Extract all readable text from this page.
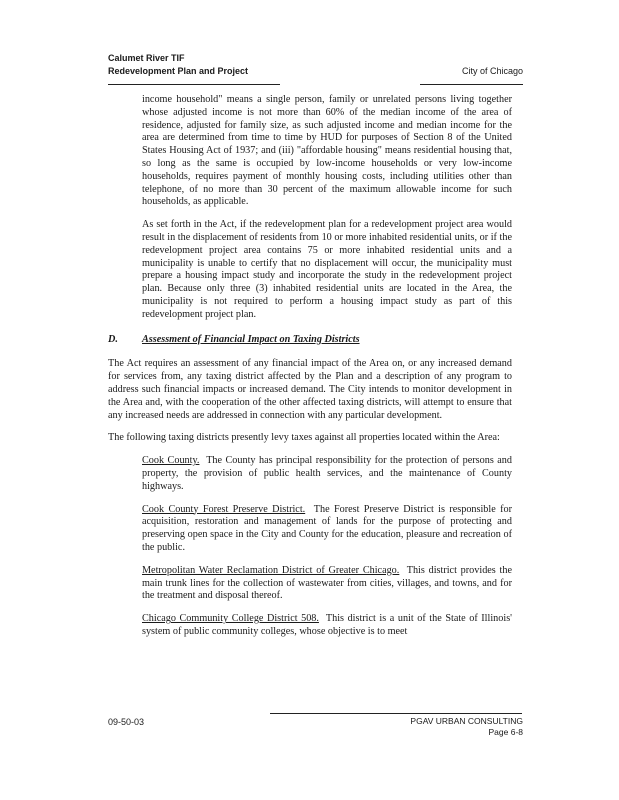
Calumet River TIF
Redevelopment Plan and Project	City of Chicago

income household" means a single person, family or unrelated persons living together whose adjusted income is not more than 60% of the median income of the area of residence, adjusted for family size, as such adjusted income and median income for the area are determined from time to time by HUD for purposes of Section 8 of the United States Housing Act of 1937; and (iii) "affordable housing" means residential housing that, so long as the same is occupied by low-income households or very low-income households, requires payment of monthly housing costs, including utilities other than telephone, of no more than 30 percent of the maximum allowable income for such households, as applicable.

As set forth in the Act, if the redevelopment plan for a redevelopment project area would result in the displacement of residents from 10 or more inhabited residential units, or if the redevelopment project area contains 75 or more inhabited residential units and a municipality is unable to certify that no displacement will occur, the municipality must prepare a housing impact study and incorporate the study in the redevelopment project plan. Because only three (3) inhabited residential units are located in the Area, the municipality is not required to perform a housing impact study as part of this redevelopment project plan.

D.	Assessment of Financial Impact on Taxing Districts

The Act requires an assessment of any financial impact of the Area on, or any increased demand for services from, any taxing district affected by the Plan and a description of any program to address such financial impacts or increased demand. The City intends to monitor development in the Area and, with the cooperation of the other affected taxing districts, will attempt to ensure that any increased needs are addressed in connection with any particular development.

The following taxing districts presently levy taxes against all properties located within the Area:

Cook County. The County has principal responsibility for the protection of persons and property, the provision of public health services, and the maintenance of County highways.

Cook County Forest Preserve District. The Forest Preserve District is responsible for acquisition, restoration and management of lands for the purpose of protecting and preserving open space in the City and County for the education, pleasure and recreation of the public.

Metropolitan Water Reclamation District of Greater Chicago. This district provides the main trunk lines for the collection of wastewater from cities, villages, and towns, and for the treatment and disposal thereof.

Chicago Community College District 508. This district is a unit of the State of Illinois' system of public community colleges, whose objective is to meet

09-50-03	PGAV URBAN CONSULTING
Page 6-8
